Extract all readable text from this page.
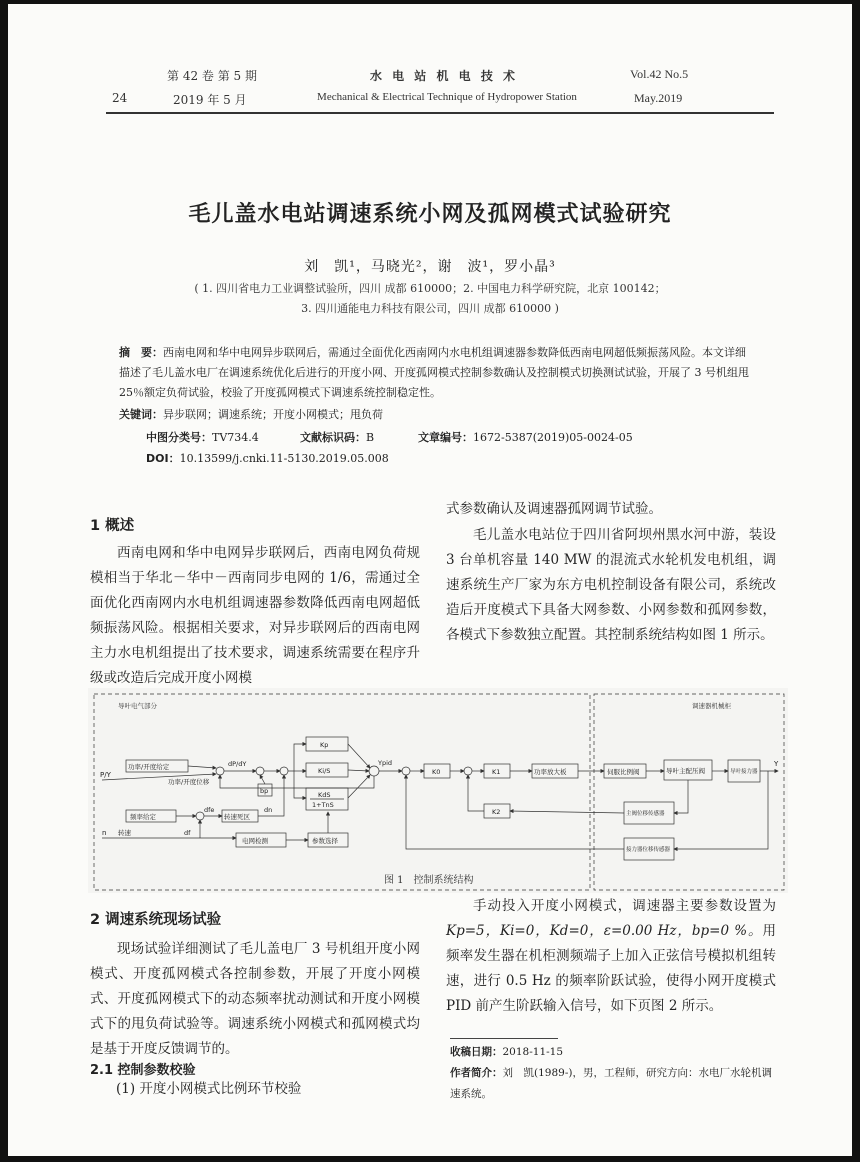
24
第 42 卷 第 5 期
2019 年 5 月
水 电 站 机 电 技 术
Mechanical & Electrical Technique of Hydropower Station
Vol.42 No.5
May.2019
毛儿盖水电站调速系统小网及孤网模式试验研究
刘　凯¹，马晓光²，谢　波¹，罗小晶³
( 1. 四川省电力工业调整试验所，四川 成都 610000；2. 中国电力科学研究院，北京 100142；
3. 四川通能电力科技有限公司，四川 成都 610000 )
摘　要：西南电网和华中电网异步联网后，需通过全面优化西南网内水电机组调速器参数降低西南电网超低频振荡风险。本文详细描述了毛儿盖水电厂在调速系统优化后进行的开度小网、开度孤网模式控制参数确认及控制模式切换测试试验，开展了 3 号机组甩 25％额定负荷试验，校验了开度孤网模式下调速系统控制稳定性。
关键词：异步联网；调速系统；开度小网模式；甩负荷
中图分类号：TV734.4	文献标识码：B	文章编号：1672-5387(2019)05-0024-05
DOI：10.13599/j.cnki.11-5130.2019.05.008
1 概述
西南电网和华中电网异步联网后，西南电网负荷规模相当于华北－华中－西南同步电网的 1/6，需通过全面优化西南网内水电机组调速器参数降低西南电网超低频振荡风险。根据相关要求，对异步联网后的西南电网主力水电机组提出了技术要求，调速系统需要在程序升级或改造后完成开度小网模
式参数确认及调速器孤网调节试验。
毛儿盖水电站位于四川省阿坝州黑水河中游，装设 3 台单机容量 140 MW 的混流式水轮机发电机组，调速系统生产厂家为东方电机控制设备有限公司，系统改造后开度模式下具备大网参数、小网参数和孤网参数，各模式下参数独立配置。其控制系统结构如图 1 所示。
导叶电气部分	调速器机械柜
功率/开度给定
功率/开度位移
频率给定	转速死区
电网检测	参数选择
Kp
Ki/S
KdS
1+TnS
bp
K0	K1	功率放大板	伺服比例阀	导叶主配压阀	导叶接力器
K2	主阀位移传感器
接力器位移传感器
P/Y
n 转速
dP/dY
dfe	dn
df
Ypid	Y
图 1　控制系统结构
2 调速系统现场试验
现场试验详细测试了毛儿盖电厂 3 号机组开度小网模式、开度孤网模式各控制参数，开展了开度小网模式、开度孤网模式下的动态频率扰动测试和开度小网模式下的甩负荷试验等。调速系统小网模式和孤网模式均是基于开度反馈调节的。
2.1 控制参数校验
(1) 开度小网模式比例环节校验
手动投入开度小网模式，调速器主要参数设置为 Kp=5，Ki=0，Kd=0，ε=0.00 Hz，bp=0 %。用频率发生器在机柜测频端子上加入正弦信号模拟机组转速，进行 0.5 Hz 的频率阶跃试验，使得小网开度模式 PID 前产生阶跃输入信号，如下页图 2 所示。
收稿日期：2018-11-15
作者简介：刘　凯(1989-)，男，工程师，研究方向：水电厂水轮机调速系统。
